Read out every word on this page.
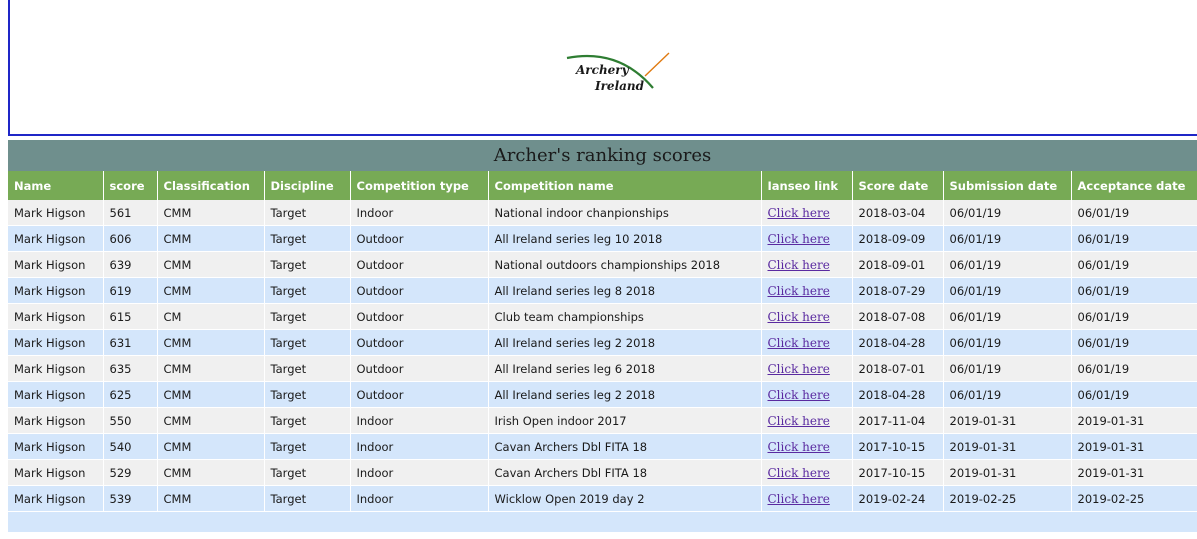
Archery
Ireland
Archer's ranking scores
Name	score	Classification	Discipline	Competition type	Competition name	Ianseo link	Score date	Submission date	Acceptance date
Mark Higson	561	CMM	Target	Indoor	National indoor chanpionships	Click here	2018-03-04	06/01/19	06/01/19
Mark Higson	606	CMM	Target	Outdoor	All Ireland series leg 10 2018	Click here	2018-09-09	06/01/19	06/01/19
Mark Higson	639	CMM	Target	Outdoor	National outdoors championships 2018	Click here	2018-09-01	06/01/19	06/01/19
Mark Higson	619	CMM	Target	Outdoor	All Ireland series leg 8 2018	Click here	2018-07-29	06/01/19	06/01/19
Mark Higson	615	CM	Target	Outdoor	Club team championships	Click here	2018-07-08	06/01/19	06/01/19
Mark Higson	631	CMM	Target	Outdoor	All Ireland series leg 2 2018	Click here	2018-04-28	06/01/19	06/01/19
Mark Higson	635	CMM	Target	Outdoor	All Ireland series leg 6 2018	Click here	2018-07-01	06/01/19	06/01/19
Mark Higson	625	CMM	Target	Outdoor	All Ireland series leg 2 2018	Click here	2018-04-28	06/01/19	06/01/19
Mark Higson	550	CMM	Target	Indoor	Irish Open indoor 2017	Click here	2017-11-04	2019-01-31	2019-01-31
Mark Higson	540	CMM	Target	Indoor	Cavan Archers Dbl FITA 18	Click here	2017-10-15	2019-01-31	2019-01-31
Mark Higson	529	CMM	Target	Indoor	Cavan Archers Dbl FITA 18	Click here	2017-10-15	2019-01-31	2019-01-31
Mark Higson	539	CMM	Target	Indoor	Wicklow Open 2019 day 2	Click here	2019-02-24	2019-02-25	2019-02-25
